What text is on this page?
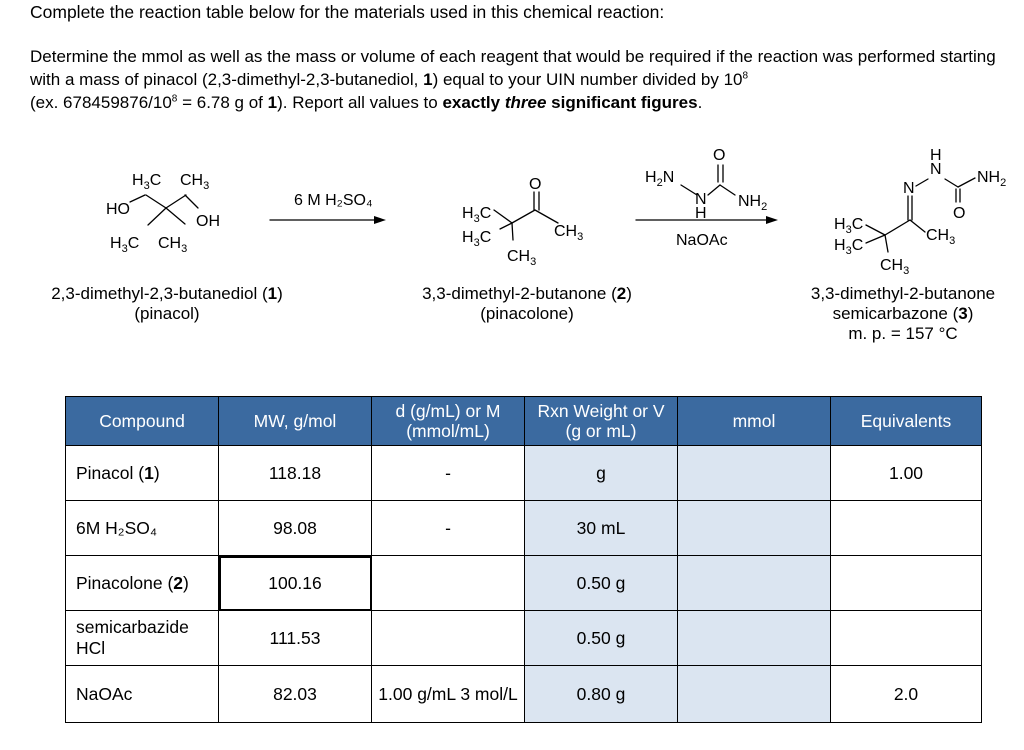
Complete the reaction table below for the materials used in this chemical reaction:

Determine the mmol as well as the mass or volume of each reagent that would be required if the reaction was performed starting with a mass of pinacol (2,3-dimethyl-2,3-butanediol, 1) equal to your UIN number divided by $10^8$

(ex. $678459876/10^8 = 6.78$ g of 1). Report all values to exactly three significant figures.

$H_3C$ $CH_3$
HO
OH
$H_3C$ $CH_3$
6 M H₂SO₄
O
$H_3C$
$H_3C$	$CH_3$
$CH_3$
O
$H_2N$
N
H
$NH_2$
NaOAc
N
N
H
$NH_2$
O
$H_3C$
$H_3C$
$CH_3$
$CH_3$
2,3-dimethyl-2,3-butanediol (1)
(pinacol)
3,3-dimethyl-2-butanone (2)
(pinacolone)
3,3-dimethyl-2-butanone
semicarbazone (3)
m. p. = 157 °C
Compound	MW, g/mol	d (g/mL) or M (mmol/mL)	Rxn Weight or V (g or mL)	mmol	Equivalents
Pinacol (1)	118.18	-	g		1.00
6M H₂SO₄	98.08	-	30 mL		
Pinacolone (2)	100.16		0.50 g		
semicarbazide HCl	111.53		0.50 g		
NaOAc	82.03	1.00 g/mL 3 mol/L	0.80 g		2.0
